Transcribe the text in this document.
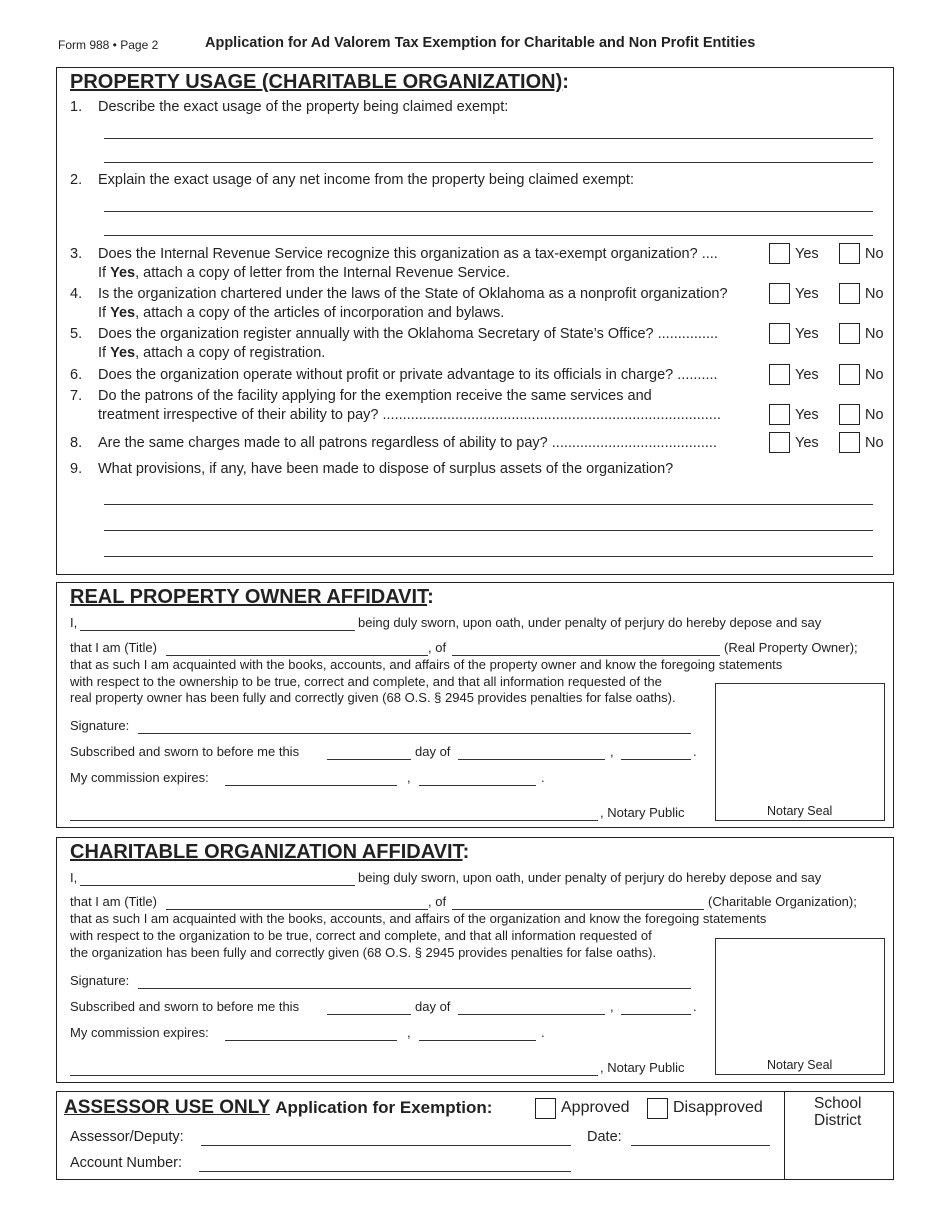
Form 988 • Page 2	Application for Ad Valorem Tax Exemption for Charitable and Non Profit Entities
PROPERTY USAGE (CHARITABLE ORGANIZATION):
1. Describe the exact usage of the property being claimed exempt:
2. Explain the exact usage of any net income from the property being claimed exempt:
3. Does the Internal Revenue Service recognize this organization as a tax-exempt organization? ....
If Yes, attach a copy of letter from the Internal Revenue Service.
Yes	No
4. Is the organization chartered under the laws of the State of Oklahoma as a nonprofit organization?
If Yes, attach a copy of the articles of incorporation and bylaws.
Yes	No
5. Does the organization register annually with the Oklahoma Secretary of State’s Office? ...............
If Yes, attach a copy of registration.
Yes	No
6. Does the organization operate without profit or private advantage to its officials in charge? ..........	Yes	No
7. Do the patrons of the facility applying for the exemption receive the same services and
treatment irrespective of their ability to pay? ....................................................................................	Yes	No
8. Are the same charges made to all patrons regardless of ability to pay? .........................................	Yes	No
9. What provisions, if any, have been made to dispose of surplus assets of the organization?
REAL PROPERTY OWNER AFFIDAVIT:
I,	being duly sworn, upon oath, under penalty of perjury do hereby depose and say
that I am (Title)	, of	(Real Property Owner);
that as such I am acquainted with the books, accounts, and affairs of the property owner and know the foregoing statements
with respect to the ownership to be true, correct and complete, and that all information requested of the
real property owner has been fully and correctly given (68 O.S. § 2945 provides penalties for false oaths).
Signature:
Subscribed and sworn to before me this	day of	,	.
My commission expires:	,	.
, Notary Public	Notary Seal
CHARITABLE ORGANIZATION AFFIDAVIT:
I,	being duly sworn, upon oath, under penalty of perjury do hereby depose and say
that I am (Title)	, of	(Charitable Organization);
that as such I am acquainted with the books, accounts, and affairs of the organization and know the foregoing statements
with respect to the organization to be true, correct and complete, and that all information requested of
the organization has been fully and correctly given (68 O.S. § 2945 provides penalties for false oaths).
Signature:
Subscribed and sworn to before me this	day of	,	.
My commission expires:	,	.
, Notary Public	Notary Seal
ASSESSOR USE ONLY Application for Exemption:	Approved	Disapproved
Assessor/Deputy:	Date:
Account Number:
School
District
